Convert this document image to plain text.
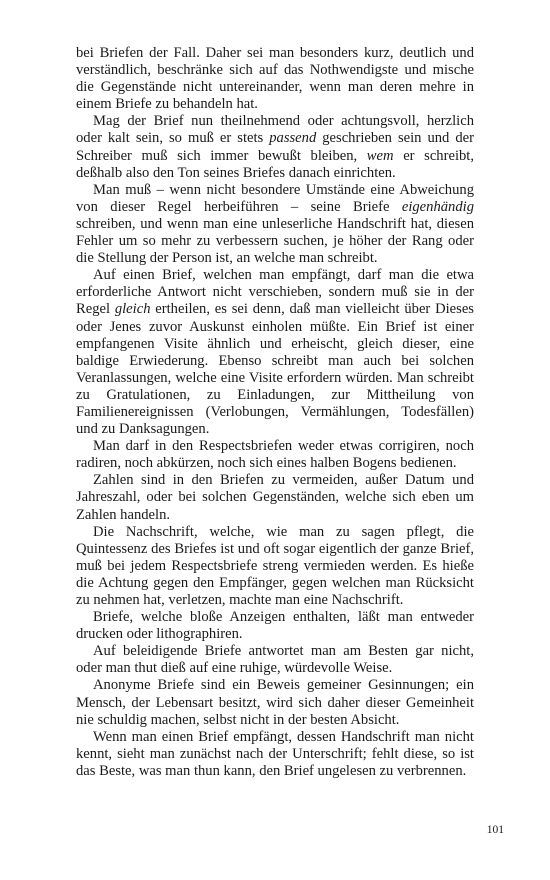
bei Briefen der Fall. Daher sei man besonders kurz, deutlich und verständlich, beschränke sich auf das Nothwendigste und mische die Gegenstände nicht untereinander, wenn man deren mehre in einem Briefe zu behandeln hat.

Mag der Brief nun theilnehmend oder achtungsvoll, herzlich oder kalt sein, so muß er stets passend geschrieben sein und der Schreiber muß sich immer bewußt bleiben, wem er schreibt, deßhalb also den Ton seines Briefes danach einrichten.

Man muß – wenn nicht besondere Umstände eine Abweichung von dieser Regel herbeiführen – seine Briefe eigenhändig schreiben, und wenn man eine unleserliche Handschrift hat, diesen Fehler um so mehr zu verbessern suchen, je höher der Rang oder die Stellung der Person ist, an welche man schreibt.

Auf einen Brief, welchen man empfängt, darf man die etwa erforderliche Antwort nicht verschieben, sondern muß sie in der Regel gleich ertheilen, es sei denn, daß man vielleicht über Dieses oder Jenes zuvor Auskunst einholen müßte. Ein Brief ist einer empfangenen Visite ähnlich und erheischt, gleich dieser, eine baldige Erwiederung. Ebenso schreibt man auch bei solchen Veranlassungen, welche eine Visite erfordern würden. Man schreibt zu Gratulationen, zu Einladungen, zur Mittheilung von Familienereignissen (Verlobungen, Vermählungen, Todesfällen) und zu Danksagungen.

Man darf in den Respectsbriefen weder etwas corrigiren, noch radiren, noch abkürzen, noch sich eines halben Bogens bedienen.

Zahlen sind in den Briefen zu vermeiden, außer Datum und Jahreszahl, oder bei solchen Gegenständen, welche sich eben um Zahlen handeln.

Die Nachschrift, welche, wie man zu sagen pflegt, die Quintessenz des Briefes ist und oft sogar eigentlich der ganze Brief, muß bei jedem Respectsbriefe streng vermieden werden. Es hieße die Achtung gegen den Empfänger, gegen welchen man Rücksicht zu nehmen hat, verletzen, machte man eine Nachschrift.

Briefe, welche bloße Anzeigen enthalten, läßt man entweder drucken oder lithographiren.

Auf beleidigende Briefe antwortet man am Besten gar nicht, oder man thut dieß auf eine ruhige, würdevolle Weise.

Anonyme Briefe sind ein Beweis gemeiner Gesinnungen; ein Mensch, der Lebensart besitzt, wird sich daher dieser Gemeinheit nie schuldig machen, selbst nicht in der besten Absicht.

Wenn man einen Brief empfängt, dessen Handschrift man nicht kennt, sieht man zunächst nach der Unterschrift; fehlt diese, so ist das Beste, was man thun kann, den Brief ungelesen zu verbrennen.

101
